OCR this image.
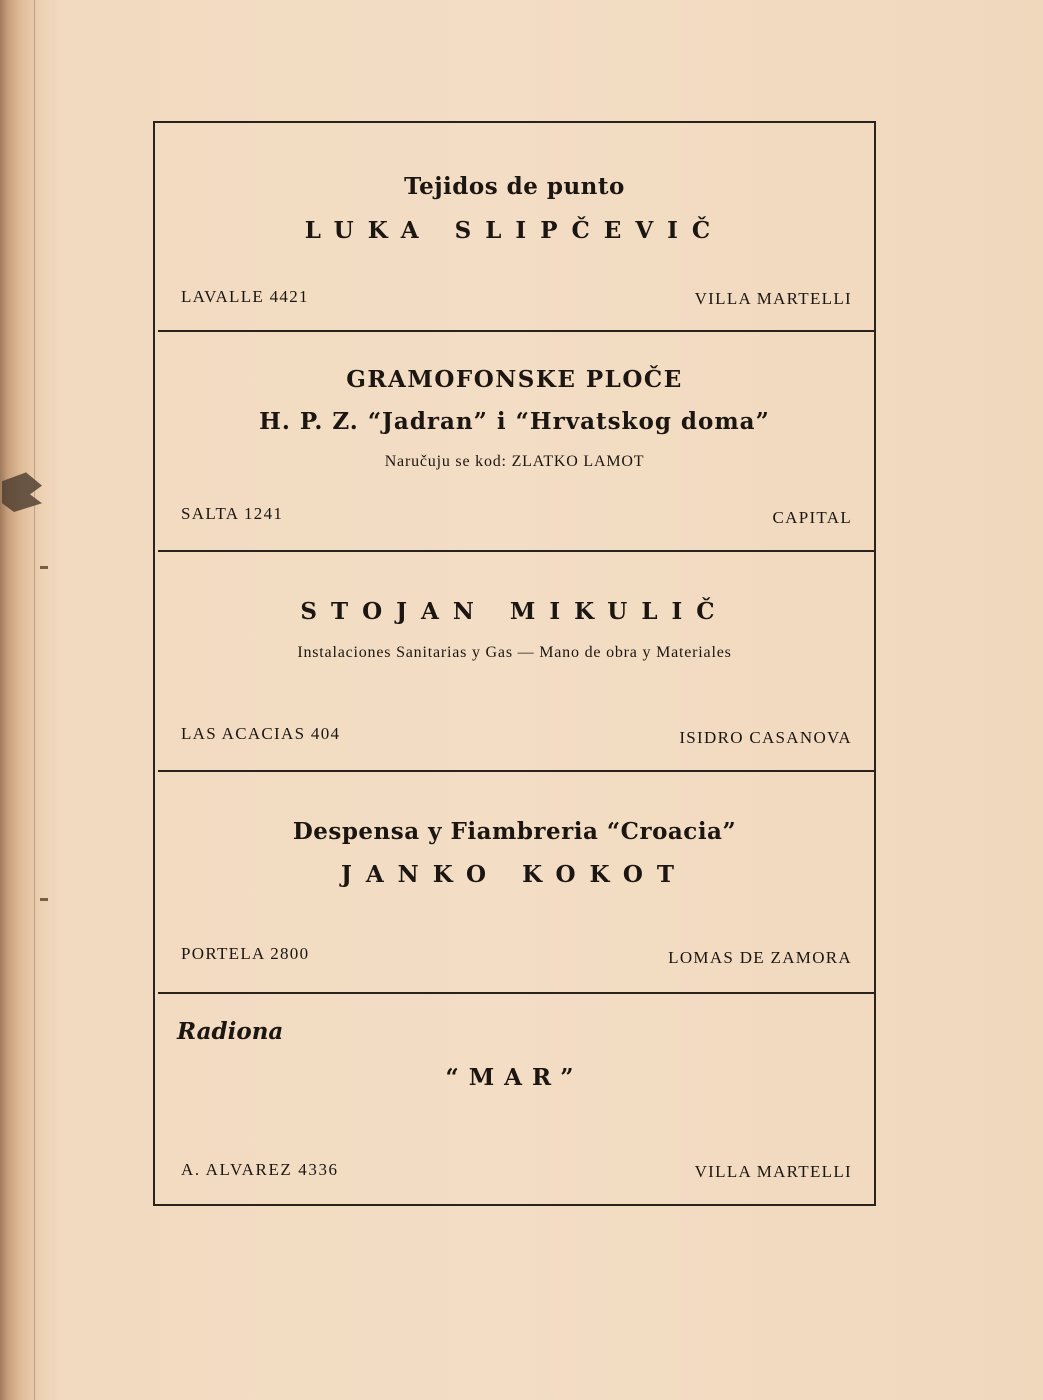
Tejidos de punto
LUKA SLIPČEVIČ
LAVALLE 4421	VILLA MARTELLI
GRAMOFONSKE PLOČE
H. P. Z. “Jadran” i “Hrvatskog doma”
Naručuju se kod: ZLATKO LAMOT
SALTA 1241	CAPITAL
STOJAN MIKULIČ
Instalaciones Sanitarias y Gas — Mano de obra y Materiales
LAS ACACIAS 404	ISIDRO CASANOVA
Despensa y Fiambreria “Croacia”
JANKO KOKOT
PORTELA 2800	LOMAS DE ZAMORA
Radiona
“MAR”
A. ALVAREZ 4336	VILLA MARTELLI
